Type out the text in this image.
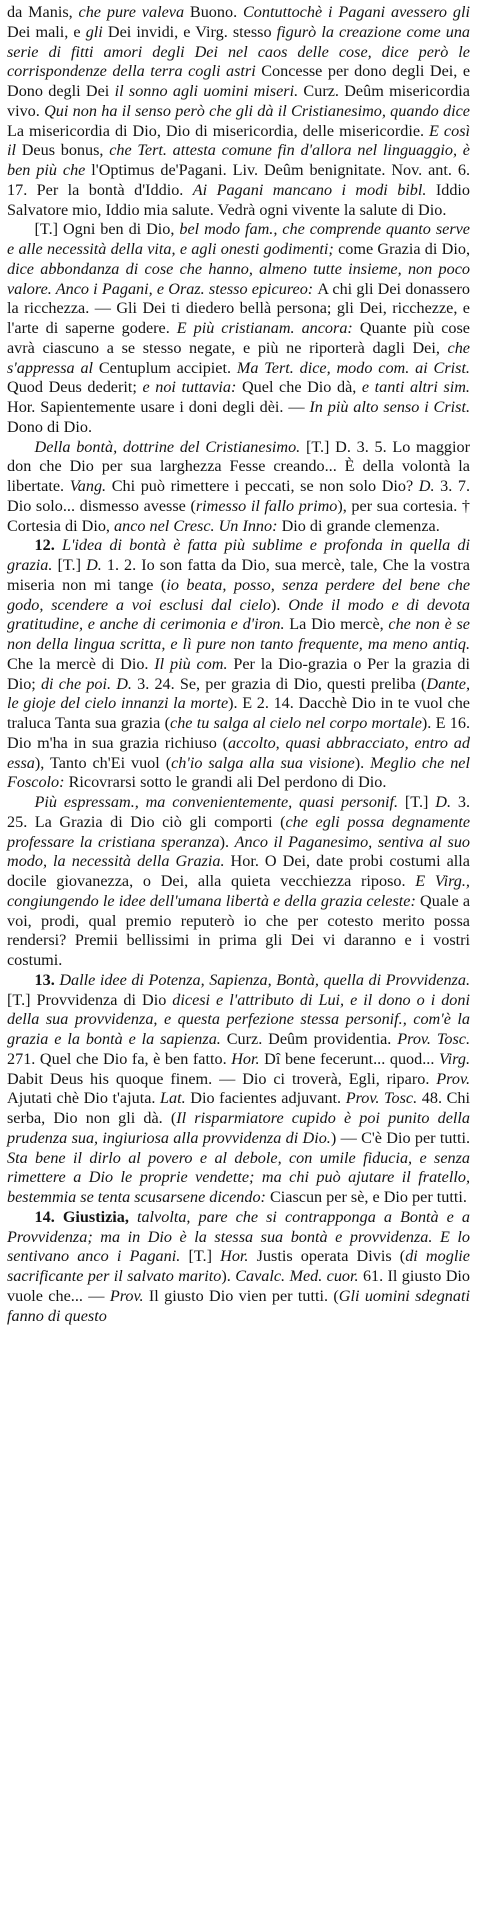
da Manis, che pure valeva Buono. Contuttochè i Pagani avessero gli Dei mali, e gli Dei invidi, e Virg. stesso figurò la creazione come una serie di fitti amori degli Dei nel caos delle cose, dice però le corrispondenze della terra cogli astri Concesse per dono degli Dei, e Dono degli Dei il sonno agli uomini miseri. Curz. Deûm misericordia vivo. Qui non ha il senso però che gli dà il Cristianesimo, quando dice La misericordia di Dio, Dio di misericordia, delle misericordie. E così il Deus bonus, che Tert. attesta comune fin d'allora nel linguaggio, è ben più che l'Optimus de'Pagani. Liv. Deûm benignitate. Nov. ant. 6. 17. Per la bontà d'Iddio. Ai Pagani mancano i modi bibl. Iddio Salvatore mio, Iddio mia salute. Vedrà ogni vivente la salute di Dio.

[T.] Ogni ben di Dio, bel modo fam., che comprende quanto serve e alle necessità della vita, e agli onesti godimenti; come Grazia di Dio, dice abbondanza di cose che hanno, almeno tutte insieme, non poco valore. Anco i Pagani, e Oraz. stesso epicureo: A chi gli Dei donassero la ricchezza. — Gli Dei ti diedero bellà persona; gli Dei, ricchezze, e l'arte di saperne godere. E più cristianam. ancora: Quante più cose avrà ciascuno a se stesso negate, e più ne riporterà dagli Dei, che s'appressa al Centuplum accipiet. Ma Tert. dice, modo com. ai Crist. Quod Deus dederit; e noi tuttavia: Quel che Dio dà, e tanti altri sim. Hor. Sapientemente usare i doni degli dèi. — In più alto senso i Crist. Dono di Dio.

Della bontà, dottrine del Cristianesimo. [T.] D. 3. 5. Lo maggior don che Dio per sua larghezza Fesse creando... È della volontà la libertate. Vang. Chi può rimettere i peccati, se non solo Dio? D. 3. 7. Dio solo... dismesso avesse (rimesso il fallo primo), per sua cortesia. † Cortesia di Dio, anco nel Cresc. Un Inno: Dio di grande clemenza.

12. L'idea di bontà è fatta più sublime e profonda in quella di grazia. [T.] D. 1. 2. Io son fatta da Dio, sua mercè, tale, Che la vostra miseria non mi tange (io beata, posso, senza perdere del bene che godo, scendere a voi esclusi dal cielo). Onde il modo e di devota gratitudine, e anche di cerimonia e d'iron. La Dio mercè, che non è se non della lingua scritta, e lì pure non tanto frequente, ma meno antiq. Che la mercè di Dio. Il più com. Per la Dio-grazia o Per la grazia di Dio; di che poi. D. 3. 24. Se, per grazia di Dio, questi preliba (Dante, le gioje del cielo innanzi la morte). E 2. 14. Dacchè Dio in te vuol che traluca Tanta sua grazia (che tu salga al cielo nel corpo mortale). E 16. Dio m'ha in sua grazia richiuso (accolto, quasi abbracciato, entro ad essa), Tanto ch'Ei vuol (ch'io salga alla sua visione). Meglio che nel Foscolo: Ricovrarsi sotto le grandi ali Del perdono di Dio.

Più espressam., ma convenientemente, quasi personif. [T.] D. 3. 25. La Grazia di Dio ciò gli comporti (che egli possa degnamente professare la cristiana speranza). Anco il Paganesimo, sentiva al suo modo, la necessità della Grazia. Hor. O Dei, date probi costumi alla docile giovanezza, o Dei, alla quieta vecchiezza riposo. E Virg., congiungendo le idee dell'umana libertà e della grazia celeste: Quale a voi, prodi, qual premio reputerò io che per cotesto merito possa rendersi? Premii bellissimi in prima gli Dei vi daranno e i vostri costumi.

13. Dalle idee di Potenza, Sapienza, Bontà, quella di Provvidenza. [T.] Provvidenza di Dio dicesi e l'attributo di Lui, e il dono o i doni della sua provvidenza, e questa perfezione stessa personif., com'è la grazia e la bontà e la sapienza. Curz. Deûm providentia. Prov. Tosc. 271. Quel che Dio fa, è ben fatto. Hor. Dî bene fecerunt... quod... Virg. Dabit Deus his quoque finem. — Dio ci troverà, Egli, riparo. Prov. Ajutati chè Dio t'ajuta. Lat. Dio facientes adjuvant. Prov. Tosc. 48. Chi serba, Dio non gli dà. (Il risparmiatore cupido è poi punito della prudenza sua, ingiuriosa alla provvidenza di Dio.) — C'è Dio per tutti. Sta bene il dirlo al povero e al debole, con umile fiducia, e senza rimettere a Dio le proprie vendette; ma chi può ajutare il fratello, bestemmia se tenta scusarsene dicendo: Ciascun per sè, e Dio per tutti.

14. Giustizia, talvolta, pare che si contrapponga a Bontà e a Provvidenza; ma in Dio è la stessa sua bontà e provvidenza. E lo sentivano anco i Pagani. [T.] Hor. Justis operata Divis (di moglie sacrificante per il salvato marito). Cavalc. Med. cuor. 61. Il giusto Dio vuole che... — Prov. Il giusto Dio vien per tutti. (Gli uomini sdegnati fanno di questo
